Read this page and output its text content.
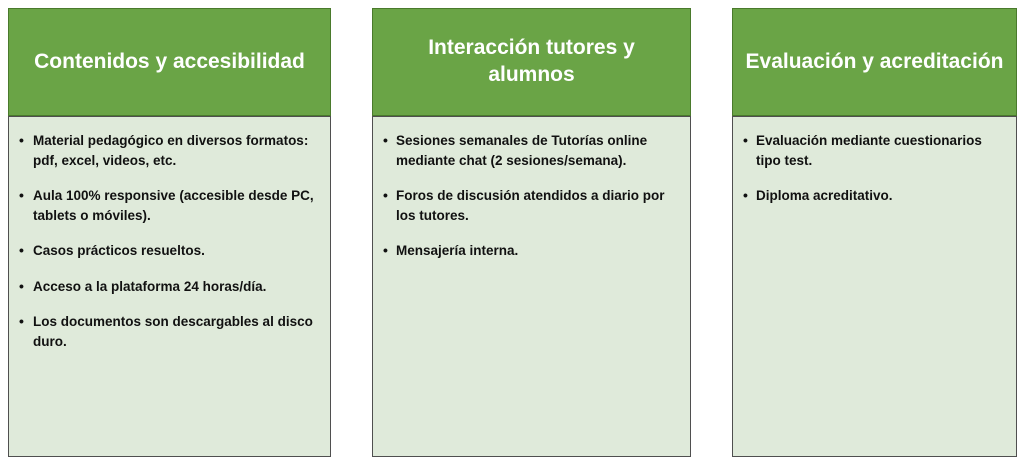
Contenidos y accesibilidad
• Material pedagógico en diversos formatos: pdf, excel, videos, etc.
• Aula 100% responsive (accesible desde PC, tablets o móviles).
• Casos prácticos resueltos.
• Acceso a la plataforma 24 horas/día.
• Los documentos son descargables al disco duro.
Interacción tutores y alumnos
• Sesiones semanales de Tutorías online mediante chat (2 sesiones/semana).
• Foros de discusión atendidos a diario por los tutores.
• Mensajería interna.
Evaluación y acreditación
• Evaluación mediante cuestionarios tipo test.
• Diploma acreditativo.
